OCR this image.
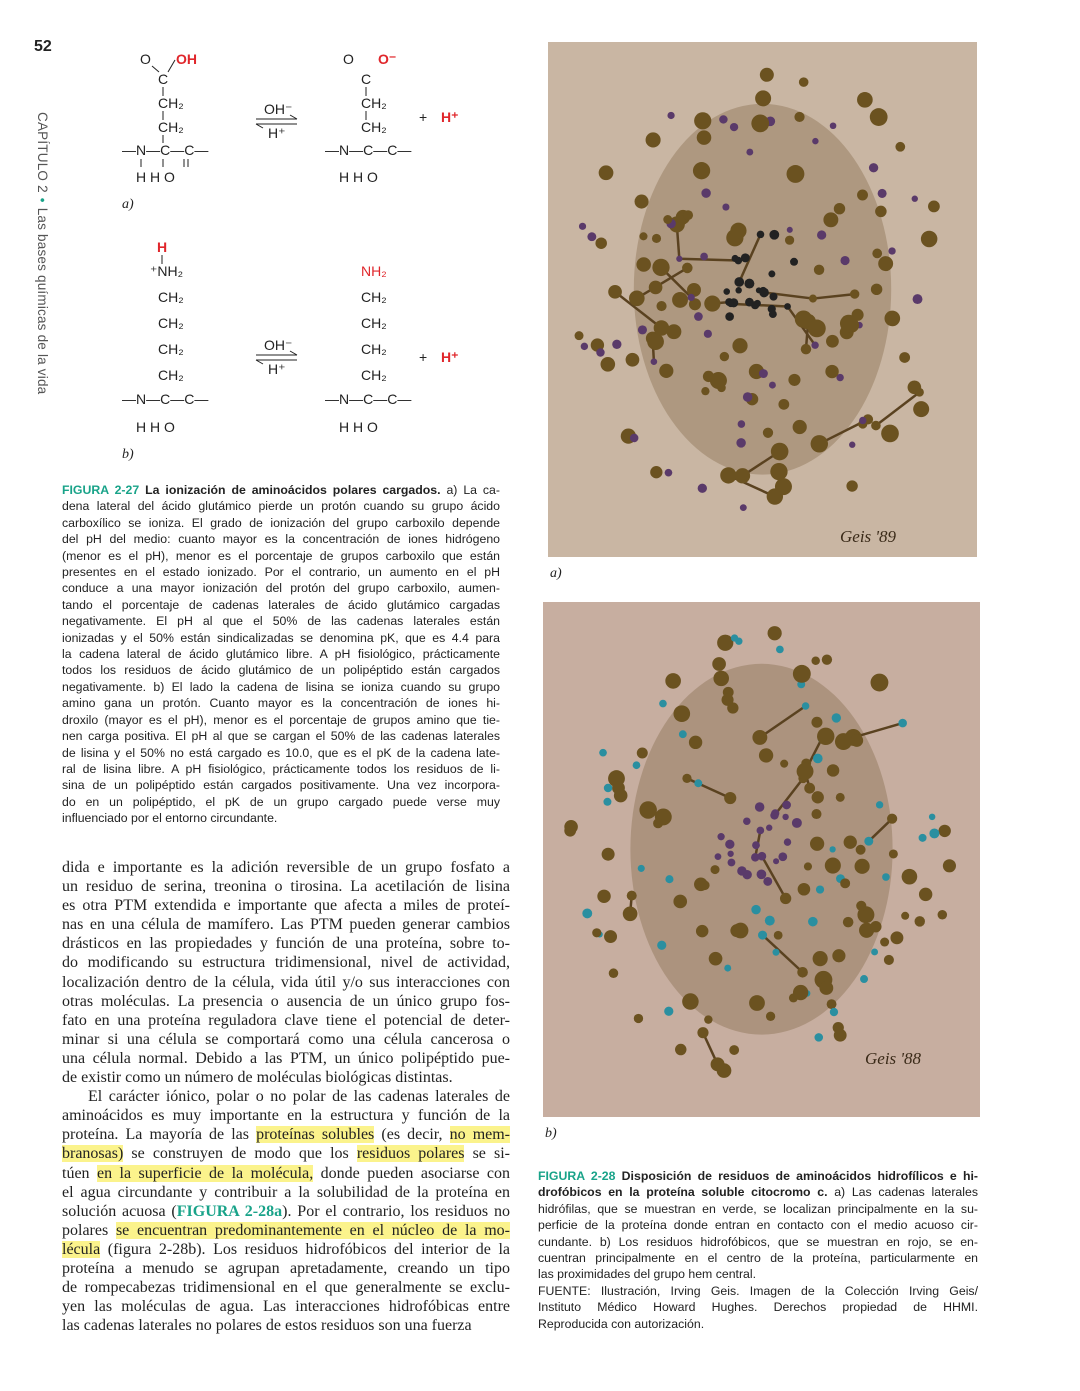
52
CAPÍTULO 2•Las bases químicas de la vida
O OH
C
CH₂
CH₂
—N—C—C—
H H O
a)
OH⁻
H⁺
O O⁻
C
CH₂
CH₂
—N—C—C—
H H O
+ H⁺
H
⁺NH₂
CH₂
CH₂
CH₂
CH₂
—N—C—C—
H H O
b)
OH⁻
H⁺
NH₂
CH₂
CH₂
CH₂
CH₂
—N—C—C—
H H O
+ H⁺
FIGURA 2-27 La ionización de aminoácidos polares cargados. a) La ca-
dena lateral del ácido glutámico pierde un protón cuando su grupo ácido
carboxílico se ioniza. El grado de ionización del grupo carboxilo depende
del pH del medio: cuanto mayor es la concentración de iones hidrógeno
(menor es el pH), menor es el porcentaje de grupos carboxilo que están
presentes en el estado ionizado. Por el contrario, un aumento en el pH
conduce a una mayor ionización del protón del grupo carboxilo, aumen-
tando el porcentaje de cadenas laterales de ácido glutámico cargadas
negativamente. El pH al que el 50% de las cadenas laterales están
ionizadas y el 50% están sindicalizadas se denomina pK, que es 4.4 para
la cadena lateral de ácido glutámico libre. A pH fisiológico, prácticamente
todos los residuos de ácido glutámico de un polipéptido están cargados
negativamente. b) El lado la cadena de lisina se ioniza cuando su grupo
amino gana un protón. Cuanto mayor es la concentración de iones hi-
droxilo (mayor es el pH), menor es el porcentaje de grupos amino que tie-
nen carga positiva. El pH al que se cargan el 50% de las cadenas laterales
de lisina y el 50% no está cargado es 10.0, que es el pK de la cadena late-
ral de lisina libre. A pH fisiológico, prácticamente todos los residuos de li-
sina de un polipéptido están cargados positivamente. Una vez incorpora-
do en un polipéptido, el pK de un grupo cargado puede verse muy
influenciado por el entorno circundante.
dida e importante es la adición reversible de un grupo fosfato a
un residuo de serina, treonina o tirosina. La acetilación de lisina
es otra PTM extendida e importante que afecta a miles de proteí-
nas en una célula de mamífero. Las PTM pueden generar cambios
drásticos en las propiedades y función de una proteína, sobre to-
do modificando su estructura tridimensional, nivel de actividad,
localización dentro de la célula, vida útil y/o sus interacciones con
otras moléculas. La presencia o ausencia de un único grupo fos-
fato en una proteína reguladora clave tiene el potencial de deter-
minar si una célula se comportará como una célula cancerosa o
una célula normal. Debido a las PTM, un único polipéptido pue-
de existir como un número de moléculas biológicas distintas.
El carácter iónico, polar o no polar de las cadenas laterales de
aminoácidos es muy importante en la estructura y función de la
proteína. La mayoría de las proteínas solubles (es decir, no mem-
branosas) se construyen de modo que los residuos polares se si-
túen en la superficie de la molécula, donde pueden asociarse con
el agua circundante y contribuir a la solubilidad de la proteína en
solución acuosa (FIGURA 2-28a). Por el contrario, los residuos no
polares se encuentran predominantemente en el núcleo de la mo-
lécula (figura 2-28b). Los residuos hidrofóbicos del interior de la
proteína a menudo se agrupan apretadamente, creando un tipo
de rompecabezas tridimensional en el que generalmente se exclu-
yen las moléculas de agua. Las interacciones hidrofóbicas entre
las cadenas laterales no polares de estos residuos son una fuerza
Geis '89
a)
Geis '88
b)
FIGURA 2-28 Disposición de residuos de aminoácidos hidrofílicos e hi-
drofóbicos en la proteína soluble citocromo c. a) Las cadenas laterales
hidrófilas, que se muestran en verde, se localizan principalmente en la su-
perficie de la proteína donde entran en contacto con el medio acuoso cir-
cundante. b) Los residuos hidrofóbicos, que se muestran en rojo, se en-
cuentran principalmente en el centro de la proteína, particularmente en
las proximidades del grupo hem central.
FUENTE: Ilustración, Irving Geis. Imagen de la Colección Irving Geis/
Instituto Médico Howard Hughes. Derechos propiedad de HHMI.
Reproducida con autorización.
